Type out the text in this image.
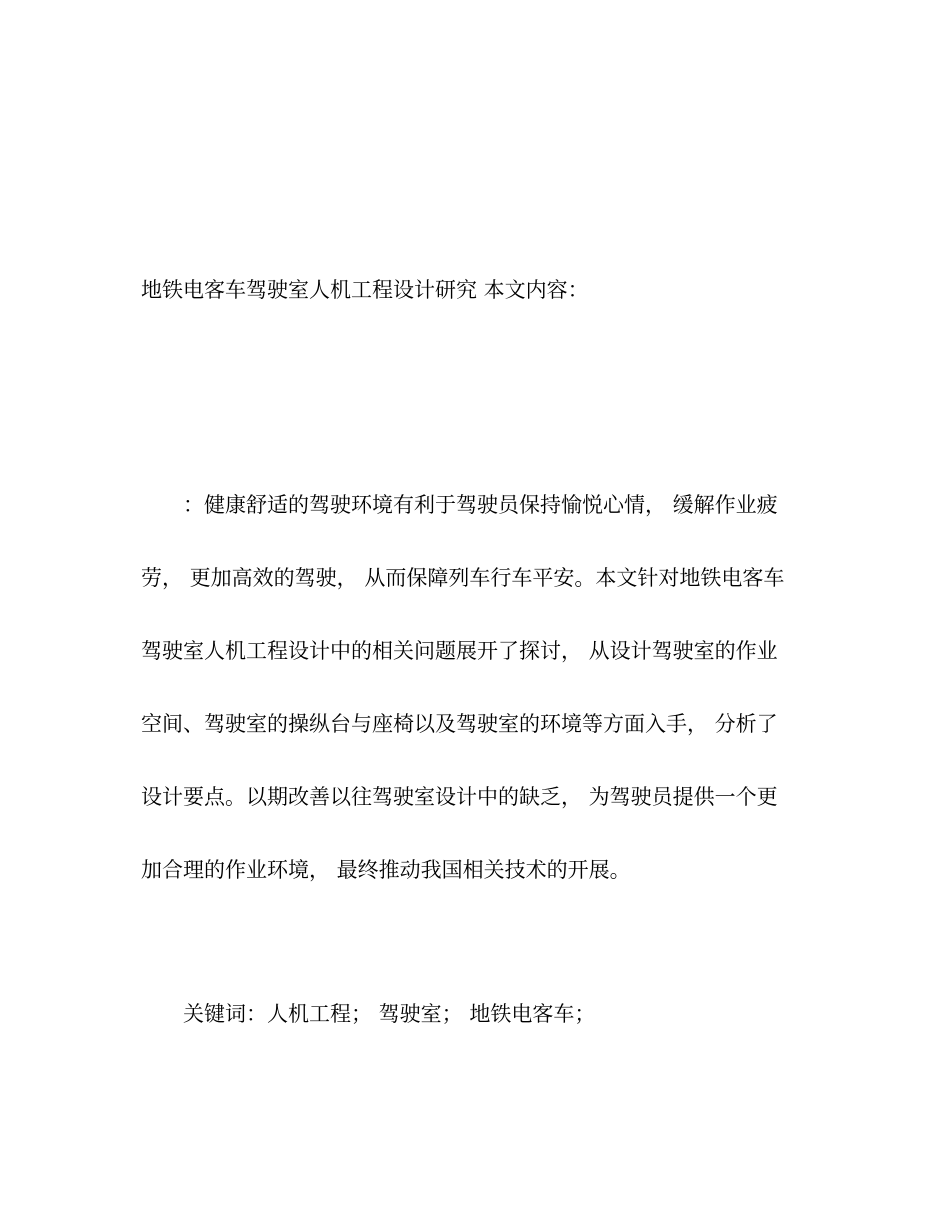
地铁电客车驾驶室人机工程设计研究 本文内容：
：健康舒适的驾驶环境有利于驾驶员保持愉悦心情， 缓解作业疲
劳， 更加高效的驾驶， 从而保障列车行车平安。本文针对地铁电客车
驾驶室人机工程设计中的相关问题展开了探讨， 从设计驾驶室的作业
空间、驾驶室的操纵台与座椅以及驾驶室的环境等方面入手， 分析了
设计要点。以期改善以往驾驶室设计中的缺乏， 为驾驶员提供一个更
加合理的作业环境， 最终推动我国相关技术的开展。
关键词：人机工程； 驾驶室； 地铁电客车；
